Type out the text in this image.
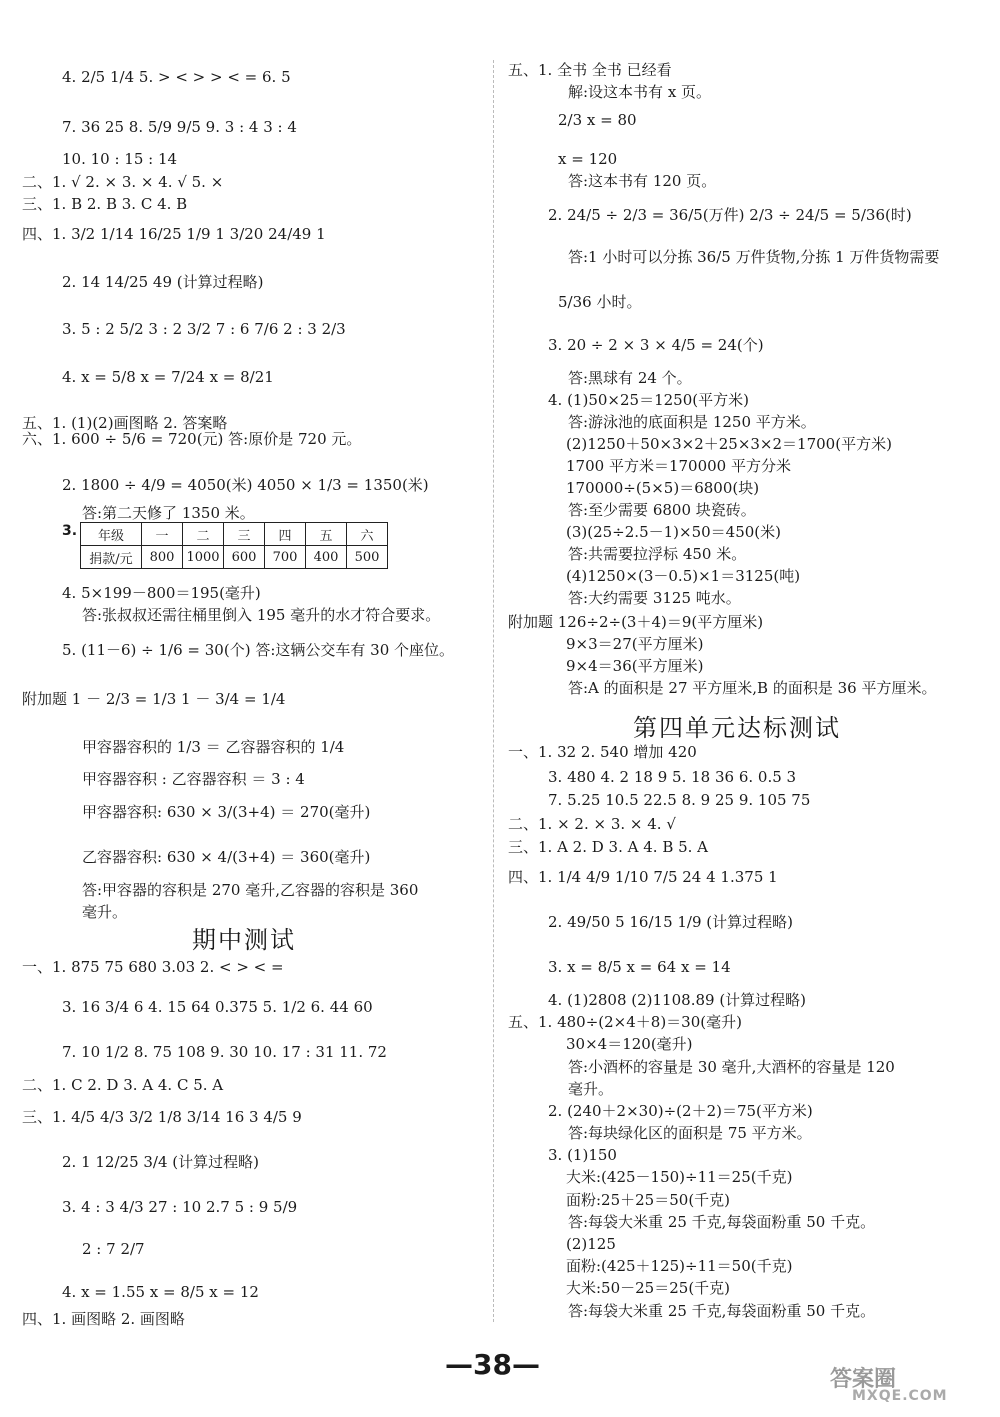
4. 2/5 1/4 5. > < > > < = 6. 5
7. 36 25 8. 5/9 9/5 9. 3 : 4 3 : 4
10. 10 : 15 : 14
二、1. √ 2. × 3. × 4. √ 5. ×
三、1. B 2. B 3. C 4. B
四、1. 3/2 1/14 16/25 1/9 1 3/20 24/49 1
2. 14 14/25 49 (计算过程略)
3. 5 : 2 5/2 3 : 2 3/2 7 : 6 7/6 2 : 3 2/3
4. x = 5/8 x = 7/24 x = 8/21
五、1. (1)(2)画图略 2. 答案略
六、1. 600 ÷ 5/6 = 720(元) 答:原价是 720 元。
2. 1800 ÷ 4/9 = 4050(米) 4050 × 1/3 = 1350(米)
答:第二天修了 1350 米。
4. 5×199－800＝195(毫升)
答:张叔叔还需往桶里倒入 195 毫升的水才符合要求。
5. (11－6) ÷ 1/6 = 30(个) 答:这辆公交车有 30 个座位。
附加题 1 － 2/3 = 1/3 1 － 3/4 = 1/4
甲容器容积的 1/3 ＝ 乙容器容积的 1/4
甲容器容积 : 乙容器容积 ＝ 3 : 4
甲容器容积: 630 × 3/(3+4) ＝ 270(毫升)
乙容器容积: 630 × 4/(3+4) ＝ 360(毫升)
答:甲容器的容积是 270 毫升,乙容器的容积是 360
毫升。
一、1. 875 75 680 3.03 2. < > < =
3. 16 3/4 6 4. 15 64 0.375 5. 1/2 6. 44 60
7. 10 1/2 8. 75 108 9. 30 10. 17 : 31 11. 72
二、1. C 2. D 3. A 4. C 5. A
三、1. 4/5 4/3 3/2 1/8 3/14 16 3 4/5 9
2. 1 12/25 3/4 (计算过程略)
3. 4 : 3 4/3 27 : 10 2.7 5 : 9 5/9
2 : 7 2/7
4. x = 1.55 x = 8/5 x = 12
四、1. 画图略 2. 画图略
五、1. 全书 全书 已经看
解:设这本书有 x 页。
2/3 x = 80
x = 120
答:这本书有 120 页。
2. 24/5 ÷ 2/3 = 36/5(万件) 2/3 ÷ 24/5 = 5/36(时)
答:1 小时可以分拣 36/5 万件货物,分拣 1 万件货物需要
5/36 小时。
3. 20 ÷ 2 × 3 × 4/5 = 24(个)
答:黑球有 24 个。
4. (1)50×25＝1250(平方米)
答:游泳池的底面积是 1250 平方米。
(2)1250＋50×3×2＋25×3×2＝1700(平方米)
1700 平方米＝170000 平方分米
170000÷(5×5)＝6800(块)
答:至少需要 6800 块瓷砖。
(3)(25÷2.5－1)×50＝450(米)
答:共需要拉浮标 450 米。
(4)1250×(3－0.5)×1＝3125(吨)
答:大约需要 3125 吨水。
附加题 126÷2÷(3＋4)＝9(平方厘米)
9×3＝27(平方厘米)
9×4＝36(平方厘米)
答:A 的面积是 27 平方厘米,B 的面积是 36 平方厘米。
一、1. 32 2. 540 增加 420
3. 480 4. 2 18 9 5. 18 36 6. 0.5 3
7. 5.25 10.5 22.5 8. 9 25 9. 105 75
二、1. × 2. × 3. × 4. √
三、1. A 2. D 3. A 4. B 5. A
四、1. 1/4 4/9 1/10 7/5 24 4 1.375 1
2. 49/50 5 16/15 1/9 (计算过程略)
3. x = 8/5 x = 64 x = 14
4. (1)2808 (2)1108.89 (计算过程略)
五、1. 480÷(2×4＋8)＝30(毫升)
30×4＝120(毫升)
答:小酒杯的容量是 30 毫升,大酒杯的容量是 120
毫升。
2. (240＋2×30)÷(2＋2)＝75(平方米)
答:每块绿化区的面积是 75 平方米。
3. (1)150
大米:(425－150)÷11＝25(千克)
面粉:25＋25＝50(千克)
答:每袋大米重 25 千克,每袋面粉重 50 千克。
(2)125
面粉:(425＋125)÷11＝50(千克)
大米:50－25＝25(千克)
答:每袋大米重 25 千克,每袋面粉重 50 千克。
期中测试
第四单元达标测试
3. 年级	一	二	三	四	五	六
捐款/元	800	1000	600	700	400	500
—38—	答案圈
MXQE.COM
